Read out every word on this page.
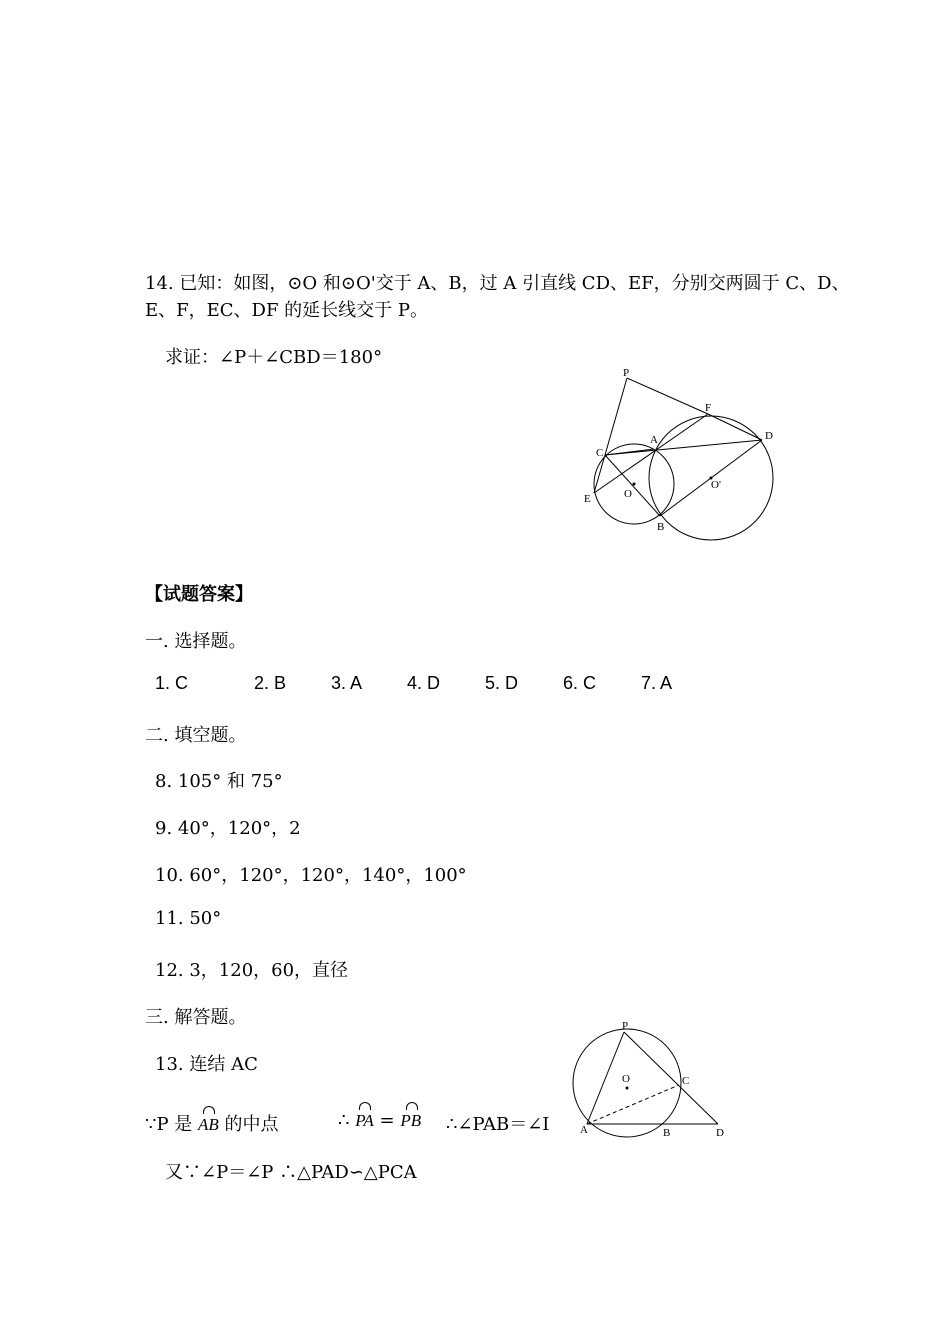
14. 已知：如图，⊙O 和⊙O'交于 A、B，过 A 引直线 CD、EF，分别交两圆于 C、D、
E、F，EC、DF 的延长线交于 P。
求证：∠P＋∠CBD＝180°
P
F
A	D
C
E	O
O'
B
【试题答案】
一. 选择题。
1. C	2. B 3. A 4. D 5. D 6. C 7. A
二. 填空题。
8. 105° 和 75°
9. 40°，120°，2
10. 60°，120°，120°，140°，100°
11. 50°
12. 3，120，60，直径
三. 解答题。
13. 连结 AC
∵P 是 AB 的中点	∴ PA = PB ∴∠PAB＝∠I
又∵∠P＝∠P ∴△PAD∽△PCA
P
O	C
A	B	D
